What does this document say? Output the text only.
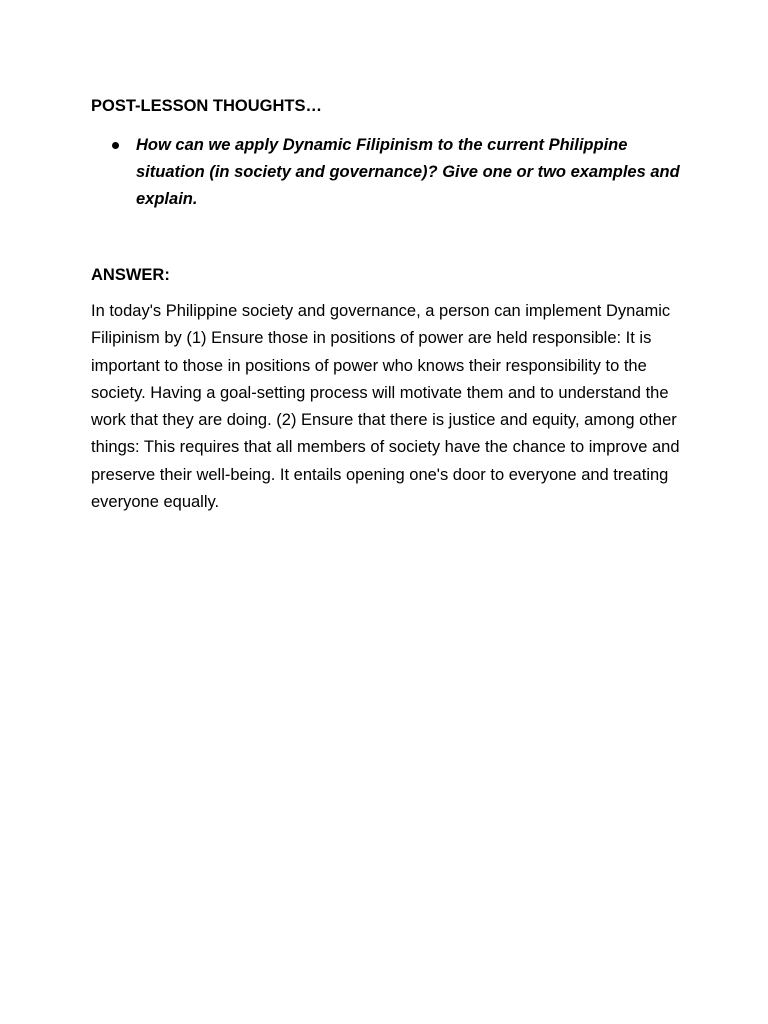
POST-LESSON THOUGHTS…
How can we apply Dynamic Filipinism to the current Philippine situation (in society and governance)? Give one or two examples and explain.
ANSWER:
In today's Philippine society and governance, a person can implement Dynamic Filipinism by (1) Ensure those in positions of power are held responsible: It is important to those in positions of power who knows their responsibility to the society. Having a goal-setting process will motivate them and to understand the work that they are doing. (2) Ensure that there is justice and equity, among other things: This requires that all members of society have the chance to improve and preserve their well-being. It entails opening one's door to everyone and treating everyone equally.
